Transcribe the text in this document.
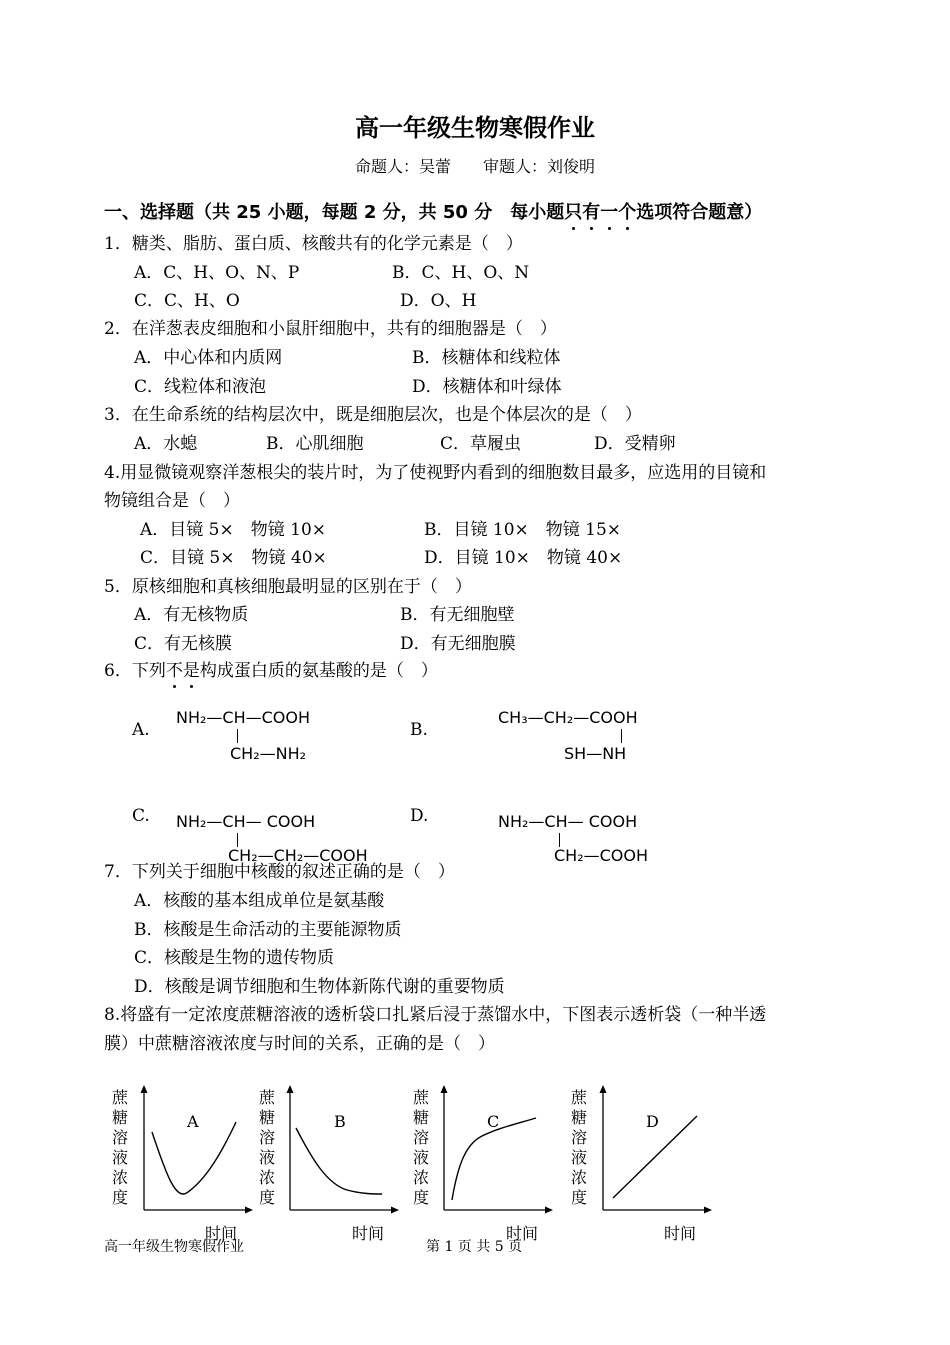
高一年级生物寒假作业
命题人：吴蕾　　审题人：刘俊明
一、选择题（共 25 小题，每题 2 分，共 50 分　每小题只有一个选项符合题意）
1．糖类、脂肪、蛋白质、核酸共有的化学元素是（　）
A．C、H、O、N、P	B．C、H、O、N
C．C、H、O	D．O、H
2．在洋葱表皮细胞和小鼠肝细胞中，共有的细胞器是（　）
A．中心体和内质网	B．核糖体和线粒体
C．线粒体和液泡	D．核糖体和叶绿体
3．在生命系统的结构层次中，既是细胞层次，也是个体层次的是（　）
A．水螅	B．心肌细胞	C．草履虫	D．受精卵
4.用显微镜观察洋葱根尖的装片时，为了使视野内看到的细胞数目最多，应选用的目镜和
物镜组合是（　）
A．目镜 5×　物镜 10×	B．目镜 10×　物镜 15×
C．目镜 5×　物镜 40×	D．目镜 10×　物镜 40×
5．原核细胞和真核细胞最明显的区别在于（　）
A．有无核物质	B．有无细胞壁
C．有无核膜	D．有无细胞膜
6．下列不是构成蛋白质的氨基酸的是（　）
A.
NH₂—CH—COOH
CH₂—NH₂
B.
CH₃—CH₂—COOH
SH—NH
C. NH₂—CH— COOH
CH₂—CH₂—COOH
D.	NH₂—CH— COOH
CH₂—COOH
7．下列关于细胞中核酸的叙述正确的是（　）
A．核酸的基本组成单位是氨基酸
B．核酸是生命活动的主要能源物质
C．核酸是生物的遗传物质
D．核酸是调节细胞和生物体新陈代谢的重要物质
8.将盛有一定浓度蔗糖溶液的透析袋口扎紧后浸于蒸馏水中，下图表示透析袋（一种半透
膜）中蔗糖溶液浓度与时间的关系，正确的是（　）
蔗
糖
溶
液
浓
度
A
时间
蔗
糖
溶
液
浓
度
B
时间
蔗
糖
溶
液
浓
度
C
时间
蔗
糖
溶
液
浓
度
D
时间
高一年级生物寒假作业	第 1 页 共 5 页
